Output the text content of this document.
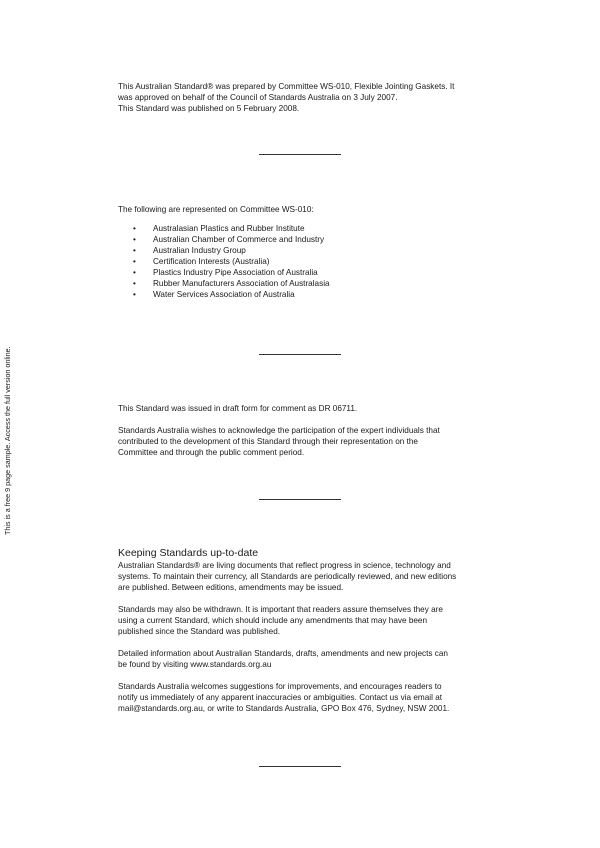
This is a free 9 page sample. Access the full version online.

This Australian Standard® was prepared by Committee WS-010, Flexible Jointing Gaskets. It

was approved on behalf of the Council of Standards Australia on 3 July 2007.

This Standard was published on 5 February 2008.

The following are represented on Committee WS-010:

• Australasian Plastics and Rubber Institute
• Australian Chamber of Commerce and Industry
• Australian Industry Group
• Certification Interests (Australia)
• Plastics Industry Pipe Association of Australia
• Rubber Manufacturers Association of Australasia
• Water Services Association of Australia

This Standard was issued in draft form for comment as DR 06711.

Standards Australia wishes to acknowledge the participation of the expert individuals that

contributed to the development of this Standard through their representation on the

Committee and through the public comment period.

Keeping Standards up-to-date

Australian Standards® are living documents that reflect progress in science, technology and

systems. To maintain their currency, all Standards are periodically reviewed, and new editions

are published. Between editions, amendments may be issued.

Standards may also be withdrawn. It is important that readers assure themselves they are

using a current Standard, which should include any amendments that may have been

published since the Standard was published.

Detailed information about Australian Standards, drafts, amendments and new projects can

be found by visiting www.standards.org.au

Standards Australia welcomes suggestions for improvements, and encourages readers to

notify us immediately of any apparent inaccuracies or ambiguities. Contact us via email at

mail@standards.org.au, or write to Standards Australia, GPO Box 476, Sydney, NSW 2001.
